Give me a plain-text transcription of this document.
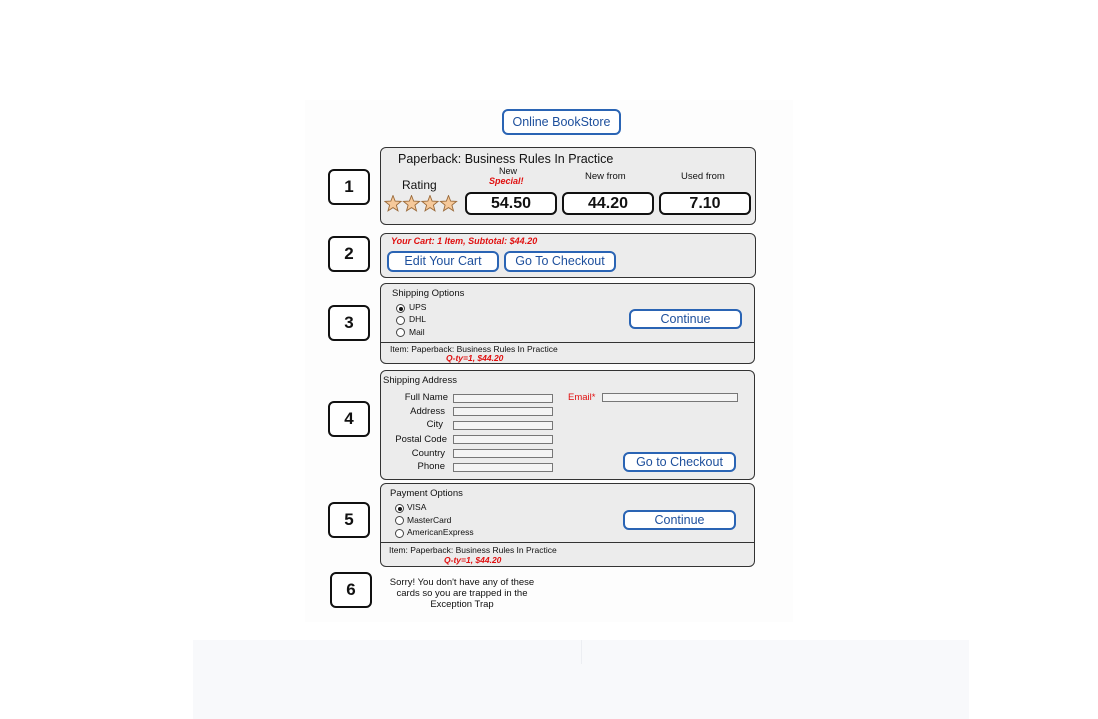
Online BookStore
1
2
3
4
5
6
Paperback: Business Rules In Practice
Rating
New
Special!	New from	Used from
54.50	44.20	7.10
Your Cart: 1 Item, Subtotal: $44.20
Edit Your Cart	Go To Checkout
Shipping Options
UPS
DHL
Mail
Continue
Item: Paperback: Business Rules In Practice
Q-ty=1, $44.20
Shipping Address
Full Name
Address
City
Postal Code
Country
Phone
Email*
Go to Checkout
Payment Options
VISA
MasterCard
AmericanExpress
Continue
Item: Paperback: Business Rules In Practice
Q-ty=1, $44.20
Sorry! You don't have any of these
cards so you are trapped in the
Exception Trap
